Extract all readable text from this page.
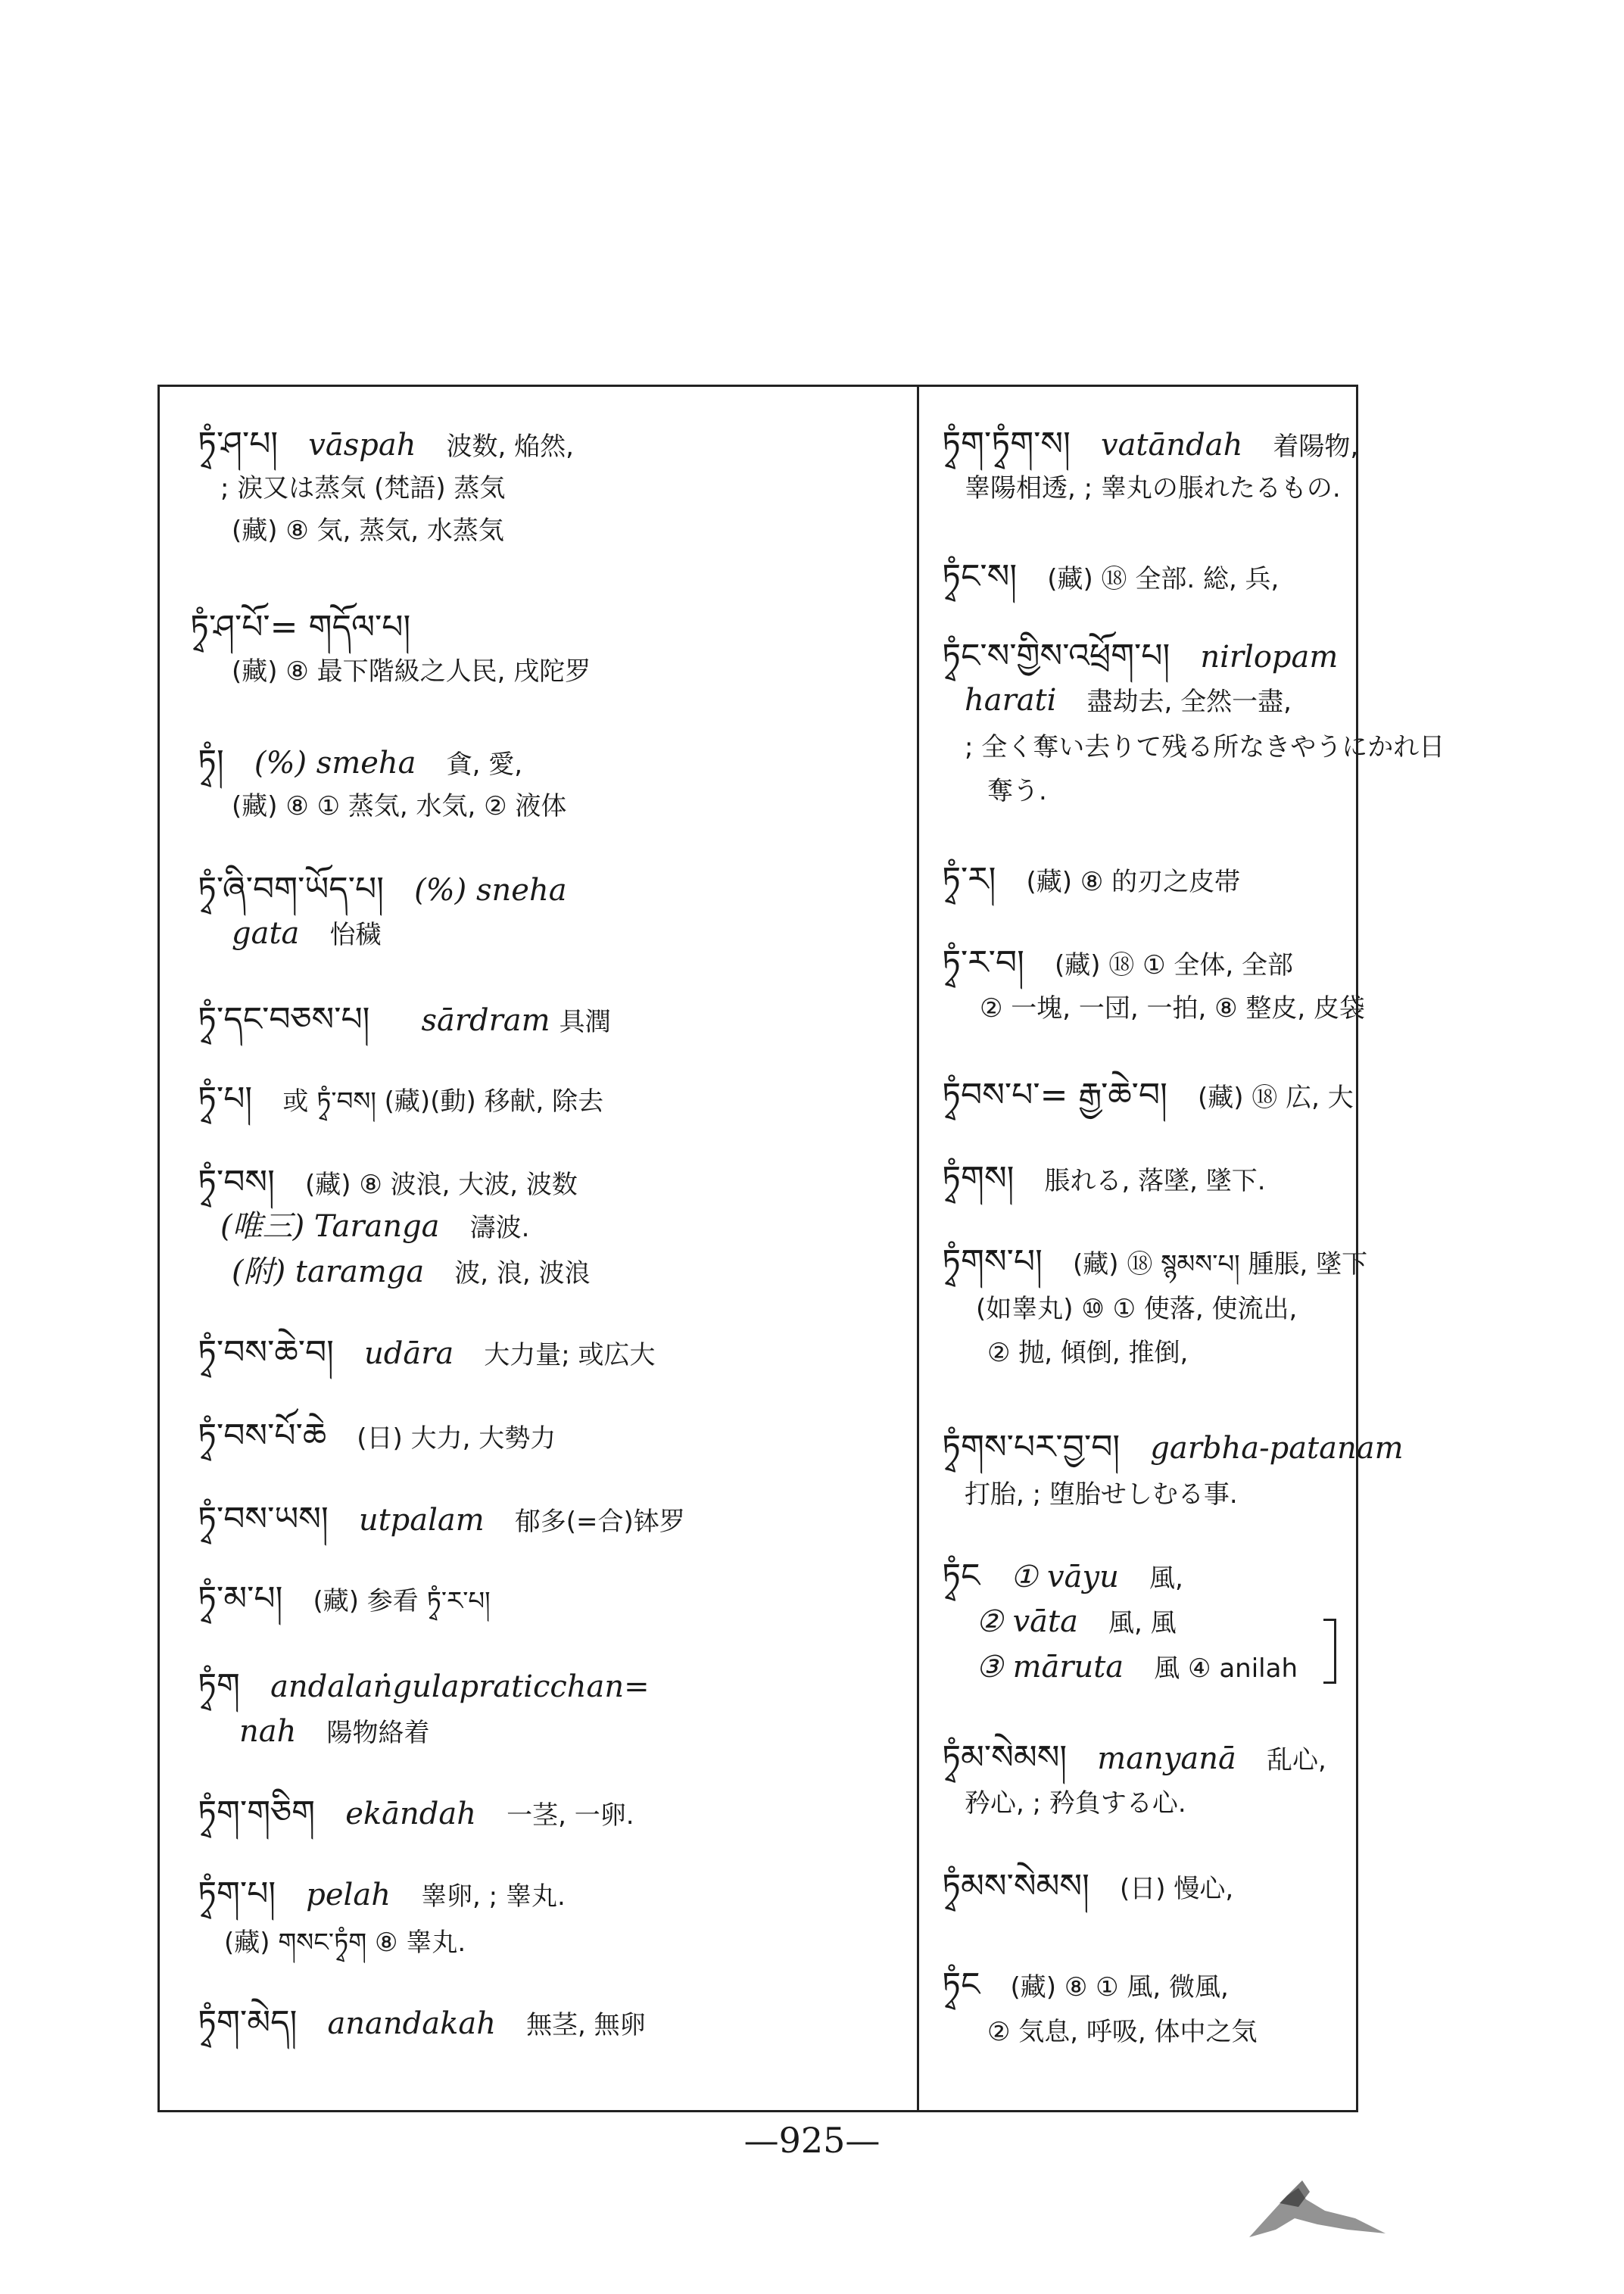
ཏྭཾ་ཤ་པ། vāspah 波数, 焔然,
; 涙又は蒸気 (梵語) 蒸気
(藏) ⑧ 気, 蒸気, 水蒸気
ཏྭཾ་ཤ་པོ་= གདོལ་པ།
(藏) ⑧ 最下階級之人民, 戌陀罗
ཏྭཾ། (%) smeha 貪, 愛,
(藏) ⑧ ① 蒸気, 水気, ② 液体
ཏྭཾ་ཞི་བག་ཡོད་པ། (%) sneha
gata 怡穢
ཏྭཾ་དང་བཅས་པ། sārdram 具潤
ཏྭཾ་པ། 或 ཏྭཾ་བས། (藏)(動) 移献, 除去
ཏྭཾ་བས། (藏) ⑧ 波浪, 大波, 波数
(唯三) Taranga 濤波.
(附) taramga 波, 浪, 波浪
ཏྭཾ་བས་ཆེ་བ། udāra 大力量; 或広大
ཏྭཾ་བས་པོ་ཆེ (日) 大力, 大勢力
ཏྭཾ་བས་ཡས། utpalam 郁多(=合)钵罗
ཏྭཾ་མ་པ། (藏) 参看 ཏྭཾ་ར་པ།
ཏྭཾག andalaṅgulapraticchan=
nah 陽物絡着
ཏྭཾག་གཅིག ekāndah 一茎, 一卵.
ཏྭཾག་པ། pelah 睾卵, ; 睾丸.
(藏) གསང་ཏྭཾག ⑧ 睾丸.
ཏྭཾག་མེད། anandakah 無茎, 無卵
ཏྭཾག་ཏྭཾག་ས། vatāndah 着陽物,
睾陽相透, ; 睾丸の脹れたるもの.
ཏྭཾང་ས། (藏) ⑱ 全部. 総, 兵,
ཏྭཾང་ས་གྱིས་འཕྲོག་པ། nirlopam
harati 盡劫去, 全然一盡,
; 全く奪い去りて残る所なきやうにかれ日
奪う.
ཏྭཾ་ར། (藏) ⑧ 的刃之皮帯
ཏྭཾ་ར་བ། (藏) ⑱ ① 全体, 全部
② 一塊, 一団, 一拍, ⑧ 整皮, 皮袋
ཏྭཾབས་པ་= རྒྱ་ཆེ་བ། (藏) ⑱ 広, 大
ཏྭཾགས། 脹れる, 落墜, 墜下.
ཏྭཾགས་པ། (藏) ⑱ སྙམས་པ། 腫脹, 墜下
(如睾丸) ⑩ ① 使落, 使流出,
② 抛, 傾倒, 推倒,
ཏྭཾགས་པར་བྱ་བ། garbha-patanam
打胎, ; 堕胎せしむる事.
ཏྭཾང ① vāyu 風,
② vāta 風, 風
③ māruta 風 ④ anilah
ཏྭཾམ་སེམས། manyanā 乱心,
矜心, ; 矜負する心.
ཏྭཾམས་སེམས། (日) 慢心,
ཏྭཾང (藏) ⑧ ① 風, 微風,
② 気息, 呼吸, 体中之気
—925—
